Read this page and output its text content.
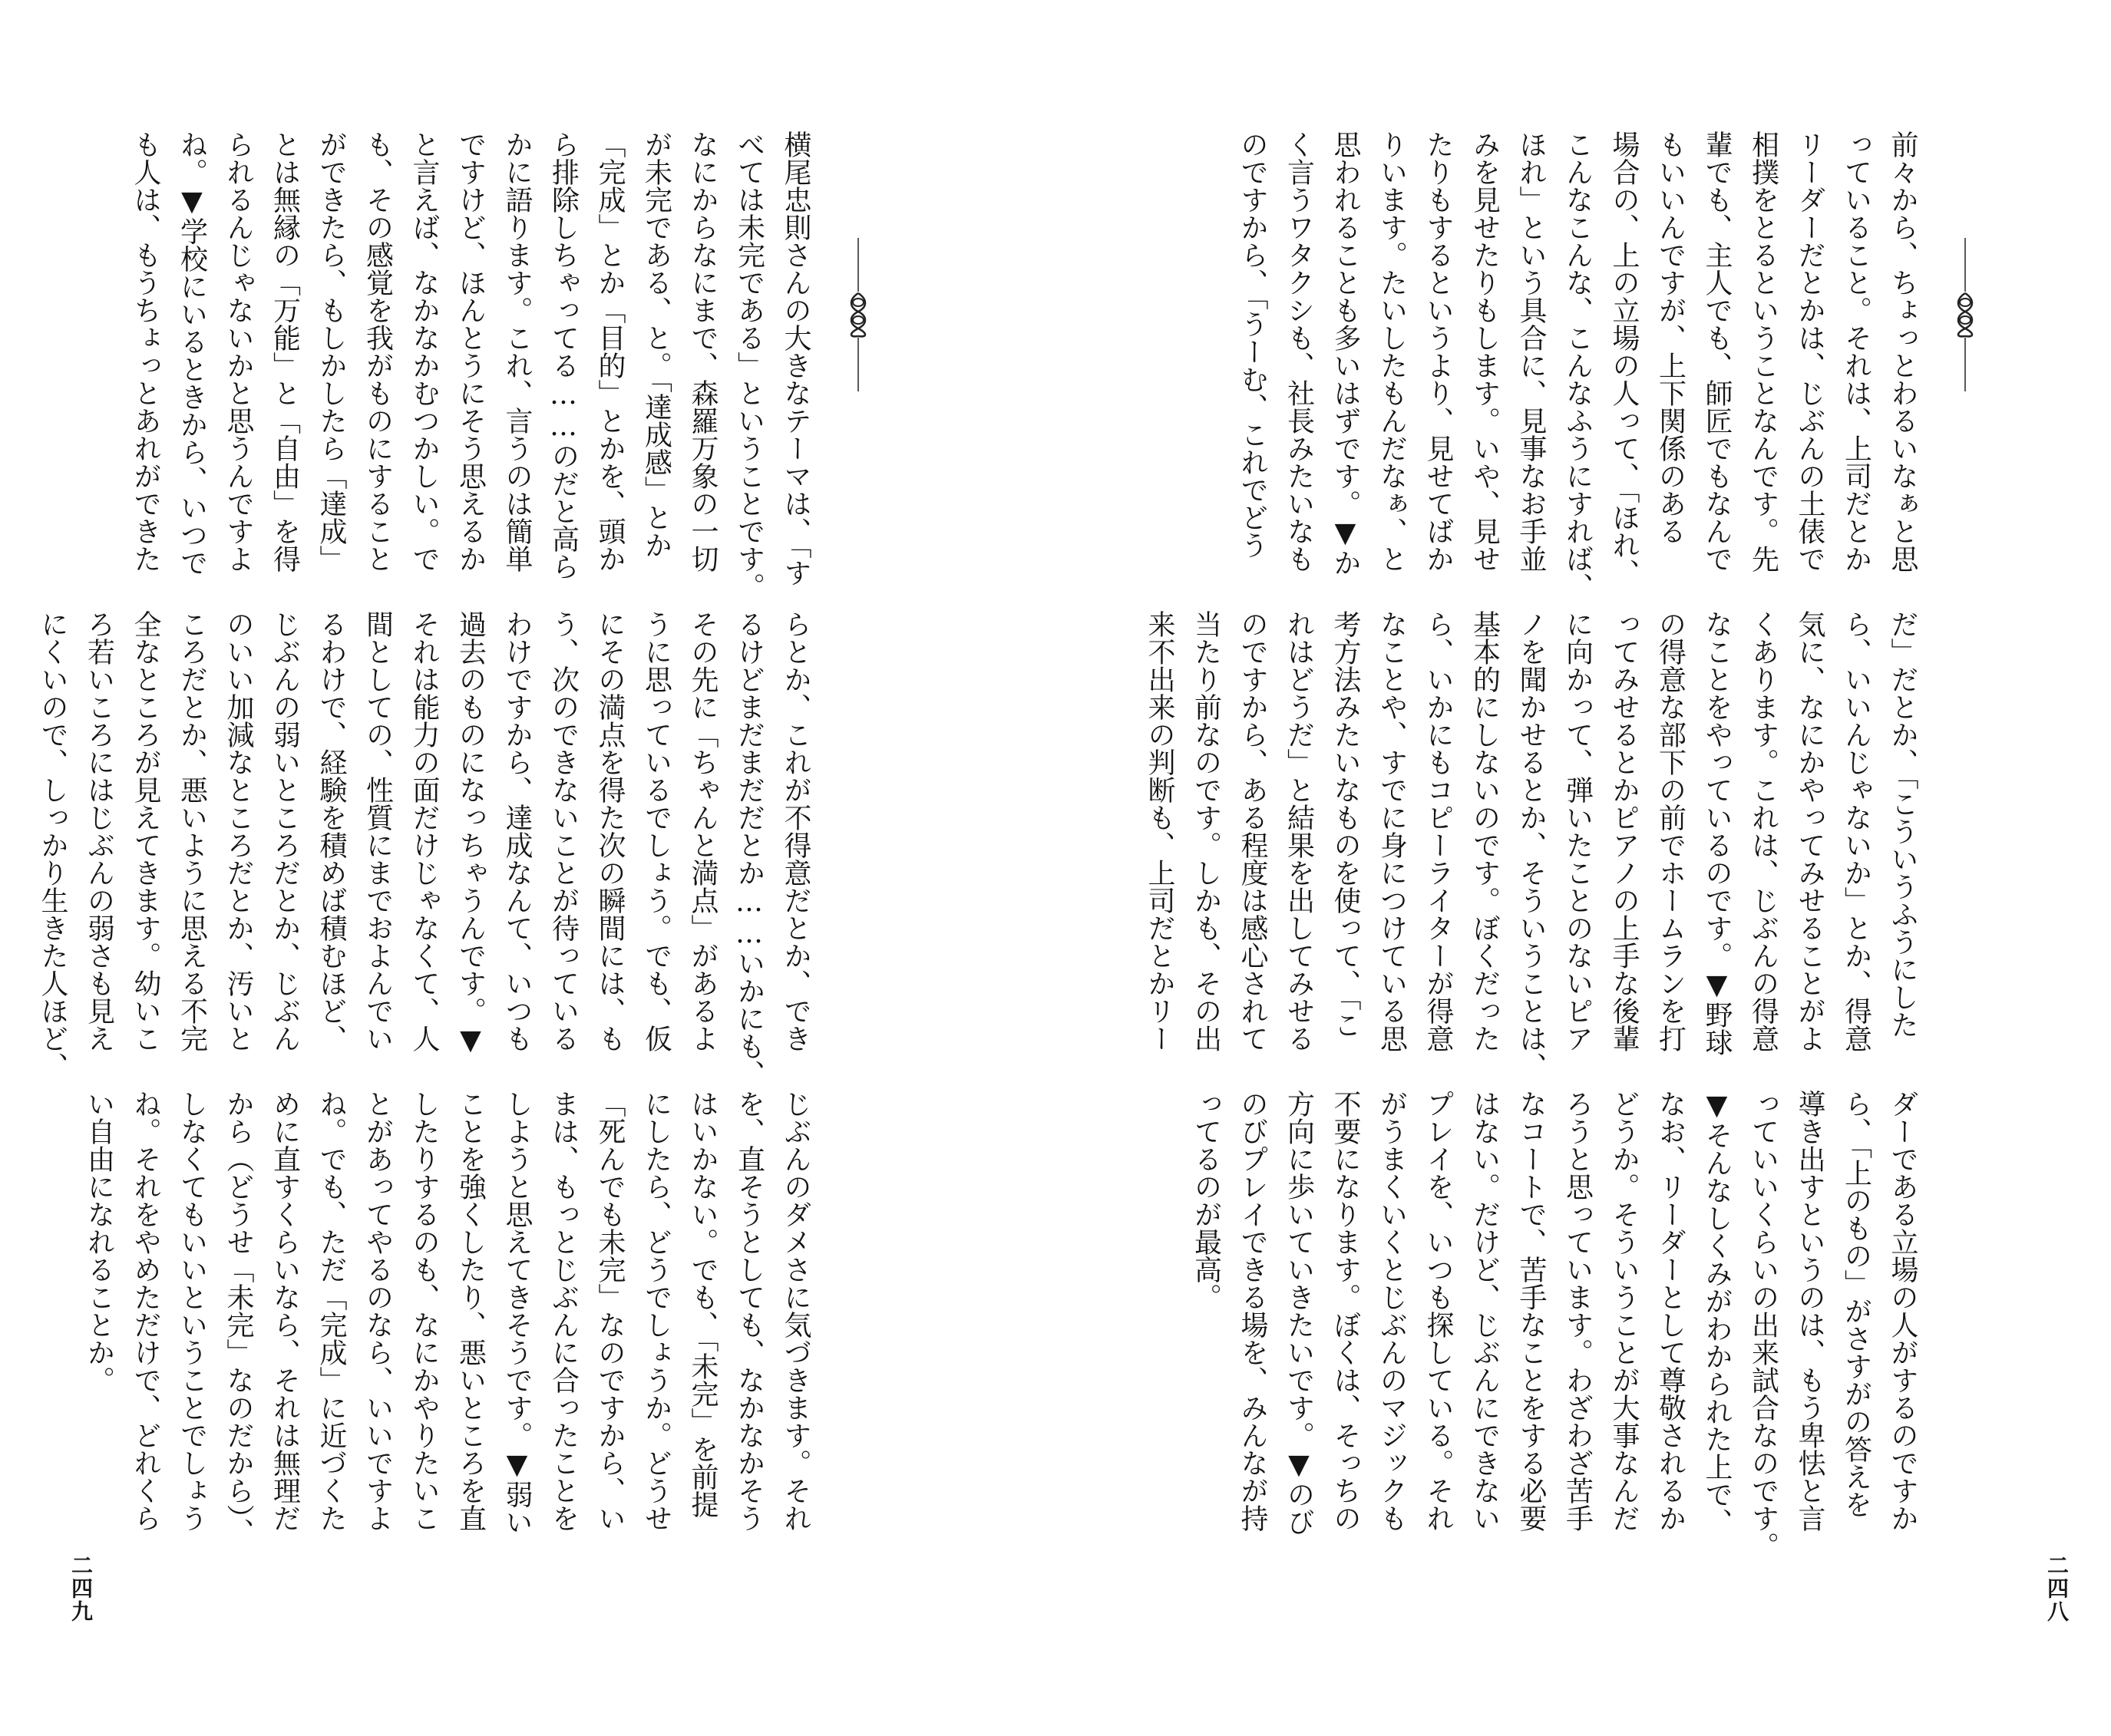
前々から、ちょっとわるいなぁと思
っていること。それは、上司だとか
リーダーだとかは、じぶんの土俵で
相撲をとるということなんです。先
輩でも、主人でも、師匠でもなんで
もいいんですが、上下関係のある
場合の、上の立場の人って、「ほれ、
こんなこんな、こんなふうにすれば、
ほれ」という具合に、見事なお手並
みを見せたりもします。いや、見せ
たりもするというより、見せてばか
りいます。たいしたもんだなぁ、と
思われることも多いはずです。▼か
く言うワタクシも、社長みたいなも
のですから、「うーむ、これでどう
だ」だとか、「こういうふうにした
ら、いいんじゃないか」とか、得意
気に、なにかやってみせることがよ
くあります。これは、じぶんの得意
なことをやっているのです。▼野球
の得意な部下の前でホームランを打
ってみせるとかピアノの上手な後輩
に向かって、弾いたことのないピア
ノを聞かせるとか、そういうことは、
基本的にしないのです。ぼくだった
ら、いかにもコピーライターが得意
なことや、すでに身につけている思
考方法みたいなものを使って、「こ
れはどうだ」と結果を出してみせる
のですから、ある程度は感心されて
当たり前なのです。しかも、その出
来不出来の判断も、上司だとかリー
ダーである立場の人がするのですか
ら、「上のもの」がさすがの答えを
導き出すというのは、もう卑怯と言
っていいくらいの出来試合なのです。
▼そんなしくみがわかられた上で、
なお、リーダーとして尊敬されるか
どうか。そういうことが大事なんだ
ろうと思っています。わざわざ苦手
なコートで、苦手なことをする必要
はない。だけど、じぶんにできない
プレイを、いつも探している。それ
がうまくいくとじぶんのマジックも
不要になります。ぼくは、そっちの
方向に歩いていきたいです。▼のび
のびプレイできる場を、みんなが持
ってるのが最高。
二四八
横尾忠則さんの大きなテーマは、「す
べては未完である」ということです。
なにからなにまで、森羅万象の一切
が未完である、と。「達成感」とか
「完成」とか「目的」とかを、頭か
ら排除しちゃってる……のだと高ら
かに語ります。これ、言うのは簡単
ですけど、ほんとうにそう思えるか
と言えば、なかなかむつかしい。で
も、その感覚を我がものにすること
ができたら、もしかしたら「達成」
とは無縁の「万能」と「自由」を得
られるんじゃないかと思うんですよ
ね。▼学校にいるときから、いつで
も人は、もうちょっとあれができた
らとか、これが不得意だとか、でき
るけどまだまだだとか……いかにも、
その先に「ちゃんと満点」があるよ
うに思っているでしょう。でも、仮
にその満点を得た次の瞬間には、も
う、次のできないことが待っている
わけですから、達成なんて、いつも
過去のものになっちゃうんです。▼
それは能力の面だけじゃなくて、人
間としての、性質にまでおよんでい
るわけで、経験を積めば積むほど、
じぶんの弱いところだとか、じぶん
のいい加減なところだとか、汚いと
ころだとか、悪いように思える不完
全なところが見えてきます。幼いこ
ろ若いころにはじぶんの弱さも見え
にくいので、しっかり生きた人ほど、
じぶんのダメさに気づきます。それ
を、直そうとしても、なかなかそう
はいかない。でも、「未完」を前提
にしたら、どうでしょうか。どうせ
「死んでも未完」なのですから、い
まは、もっとじぶんに合ったことを
しようと思えてきそうです。▼弱い
ことを強くしたり、悪いところを直
したりするのも、なにかやりたいこ
とがあってやるのなら、いいですよ
ね。でも、ただ「完成」に近づくた
めに直すくらいなら、それは無理だ
から（どうせ「未完」なのだから）、
しなくてもいいということでしょう
ね。それをやめただけで、どれくら
い自由になれることか。
二四九
